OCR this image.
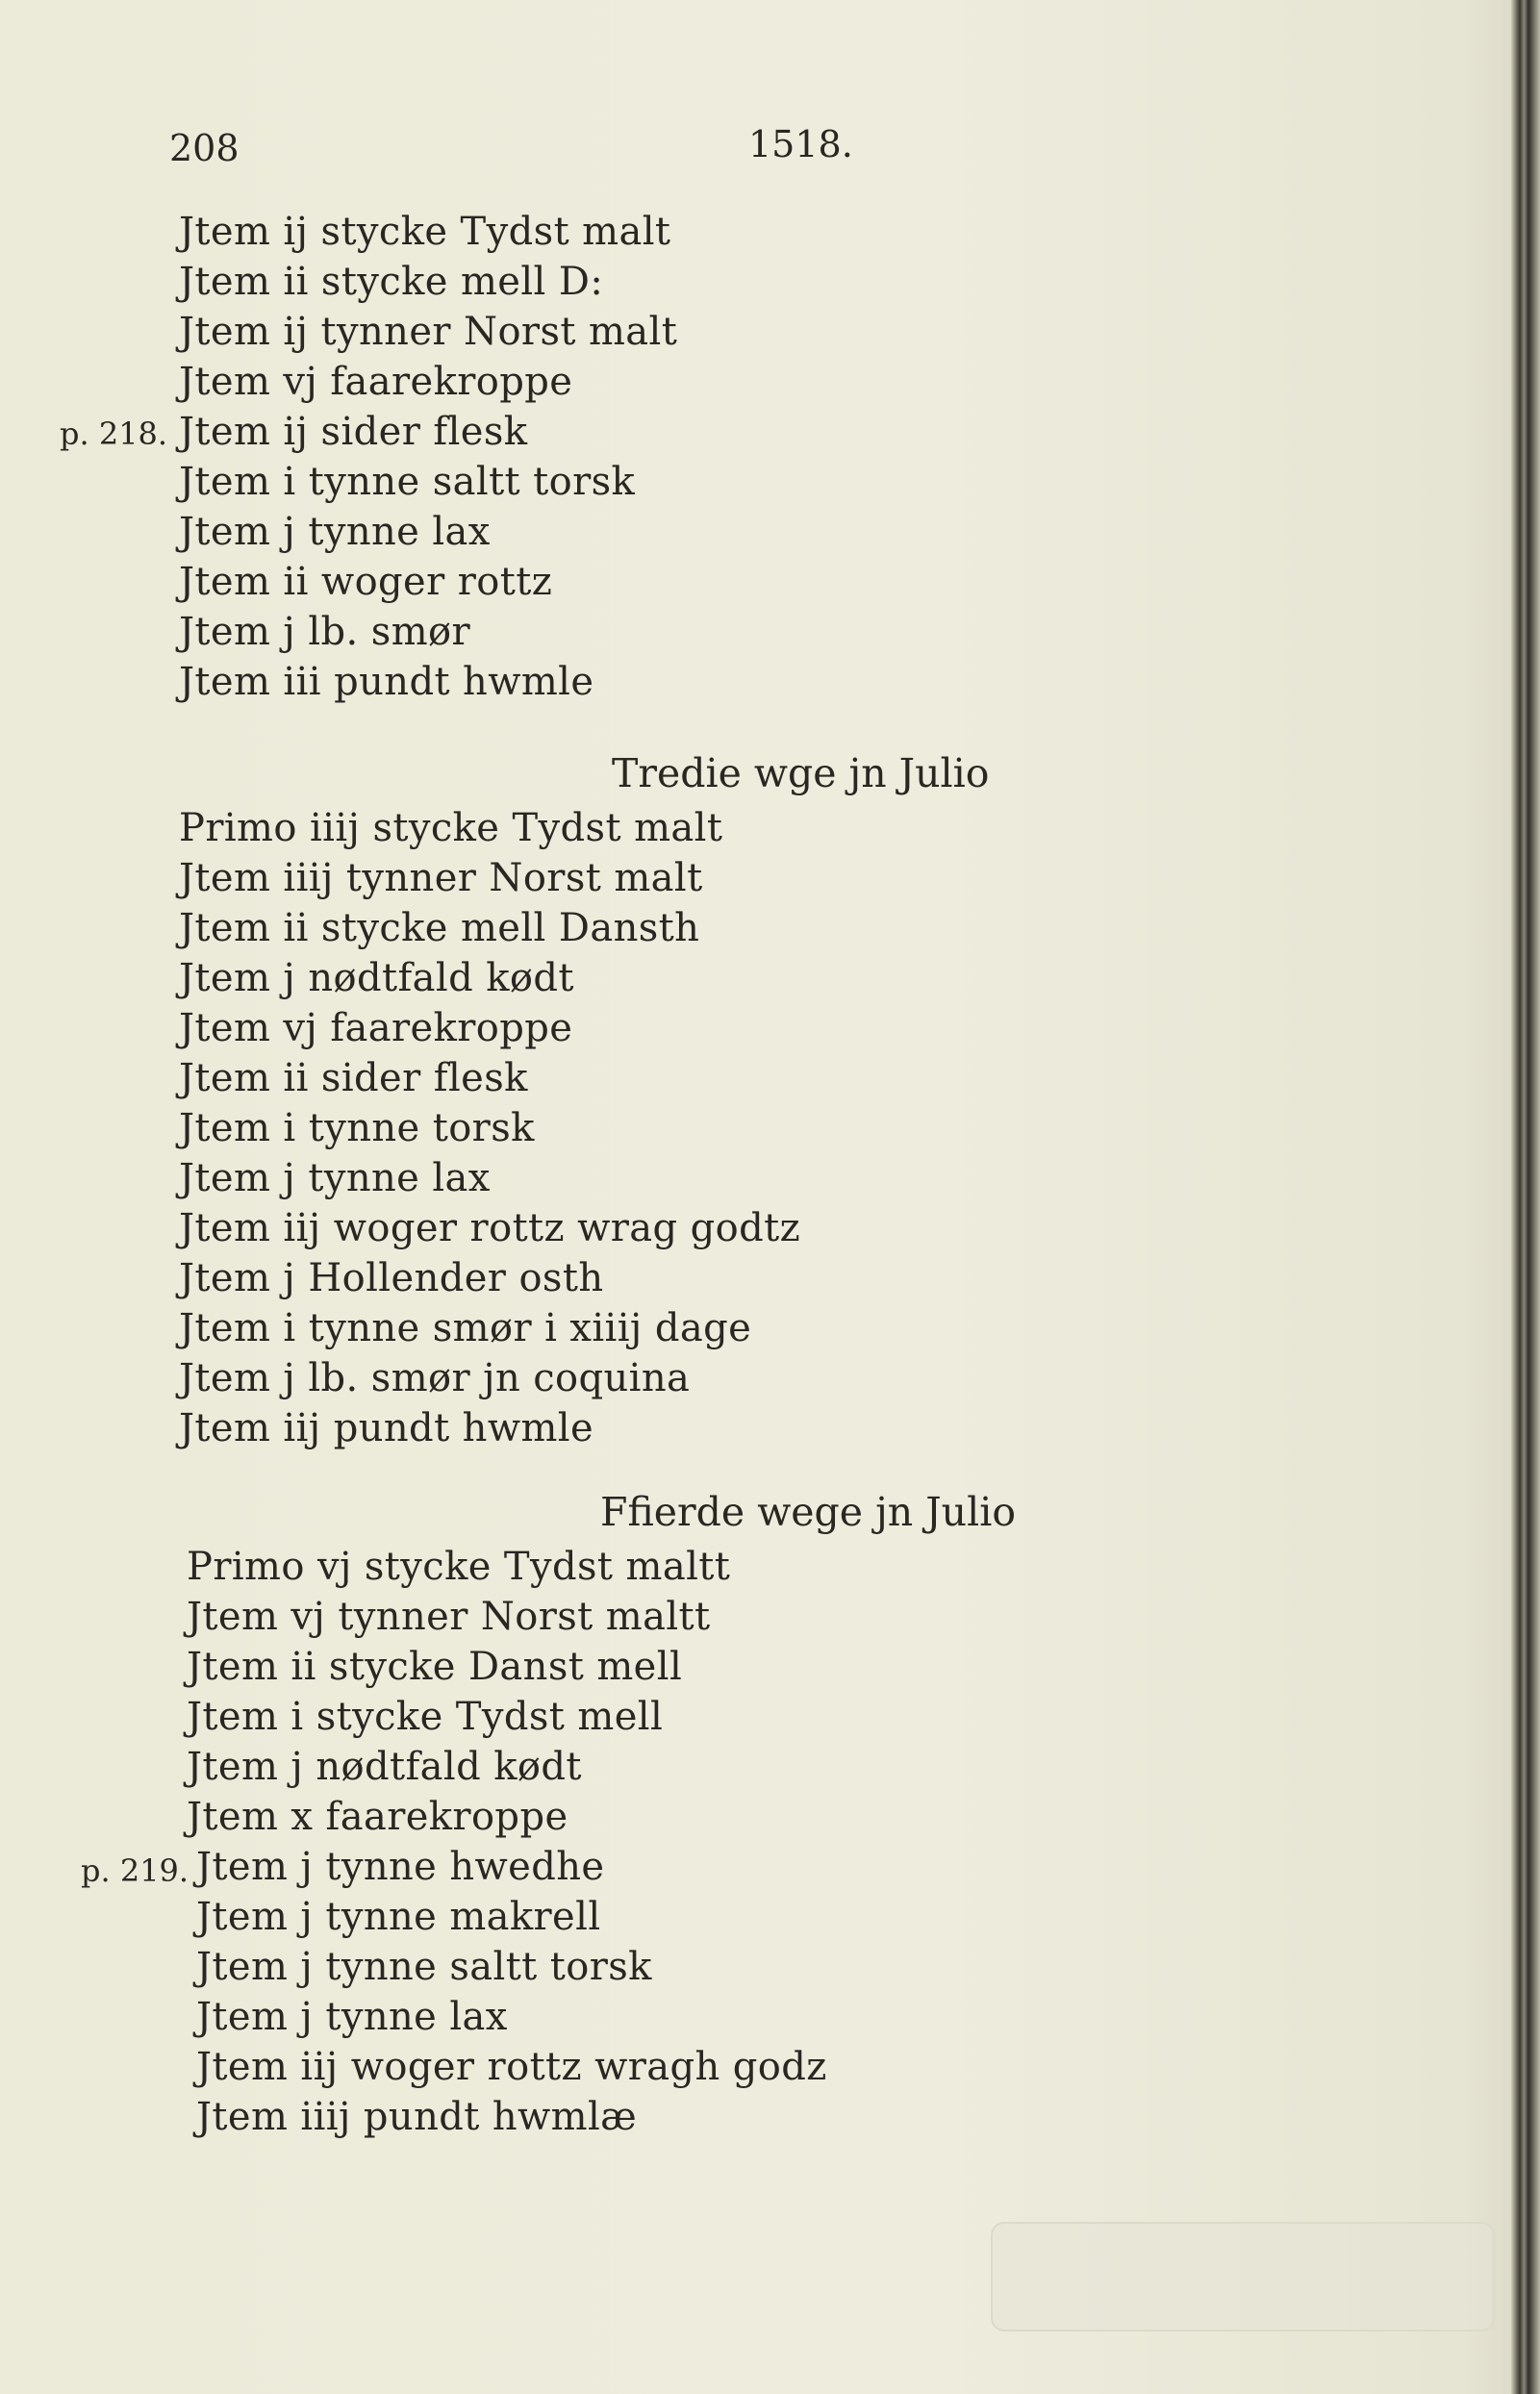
208	1518.
Jtem ij stycke Tydst malt
Jtem ii stycke mell D:
Jtem ij tynner Norst malt
Jtem vj faarekroppe
p. 218. Jtem ij sider flesk
Jtem i tynne saltt torsk
Jtem j tynne lax
Jtem ii woger rottz
Jtem j lb. smør
Jtem iii pundt hwmle
Tredie wge jn Julio
Primo iiij stycke Tydst malt
Jtem iiij tynner Norst malt
Jtem ii stycke mell Dansth
Jtem j nødtfald kødt
Jtem vj faarekroppe
Jtem ii sider flesk
Jtem i tynne torsk
Jtem j tynne lax
Jtem iij woger rottz wrag godtz
Jtem j Hollender osth
Jtem i tynne smør i xiiij dage
Jtem j lb. smør jn coquina
Jtem iij pundt hwmle
Ffierde wege jn Julio
Primo vj stycke Tydst maltt
Jtem vj tynner Norst maltt
Jtem ii stycke Danst mell
Jtem i stycke Tydst mell
Jtem j nødtfald kødt
Jtem x faarekroppe
p. 219. Jtem j tynne hwedhe
Jtem j tynne makrell
Jtem j tynne saltt torsk
Jtem j tynne lax
Jtem iij woger rottz wragh godz
Jtem iiij pundt hwmlæ
